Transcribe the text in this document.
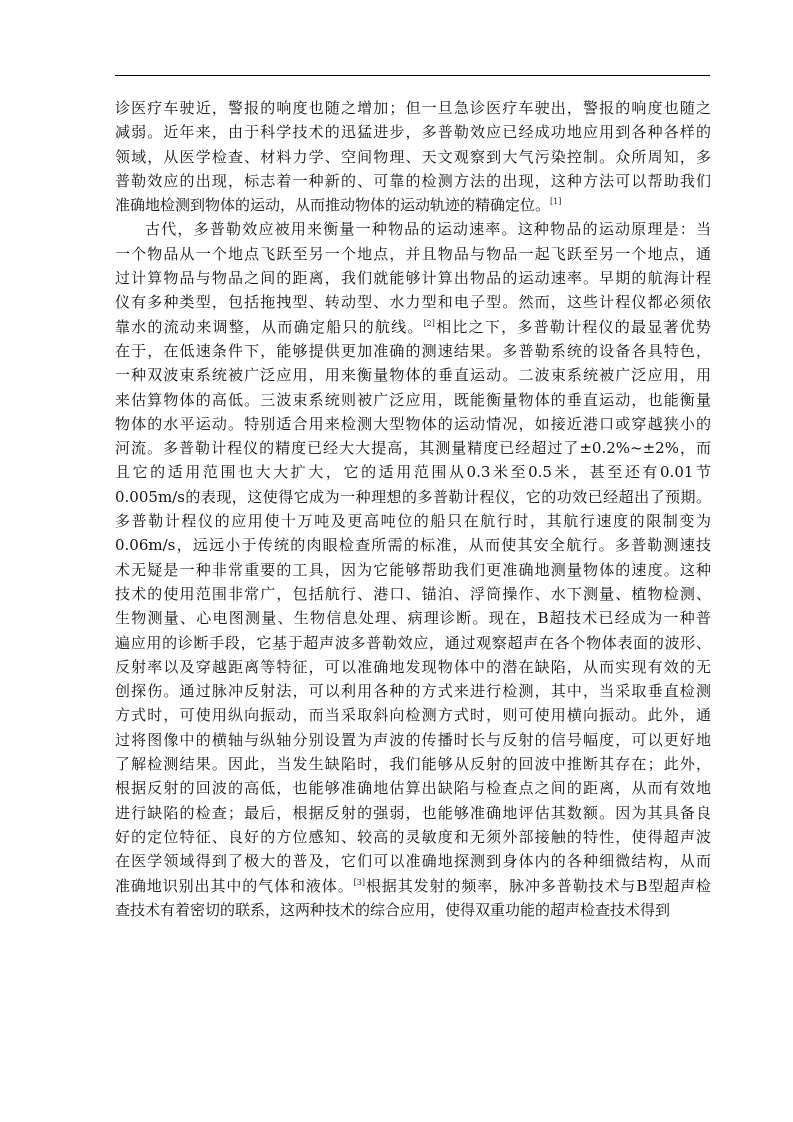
诊医疗车驶近，警报的响度也随之增加；但一旦急诊医疗车驶出，警报的响度也随之
减弱。近年来，由于科学技术的迅猛进步，多普勒效应已经成功地应用到各种各样的
领域，从医学检查、材料力学、空间物理、天文观察到大气污染控制。众所周知，多
普勒效应的出现，标志着一种新的、可靠的检测方法的出现，这种方法可以帮助我们
准确地检测到物体的运动，从而推动物体的运动轨迹的精确定位。[1]
古代，多普勒效应被用来衡量一种物品的运动速率。这种物品的运动原理是：当
一个物品从一个地点飞跃至另一个地点，并且物品与物品一起飞跃至另一个地点，通
过计算物品与物品之间的距离，我们就能够计算出物品的运动速率。早期的航海计程
仪有多种类型，包括拖拽型、转动型、水力型和电子型。然而，这些计程仪都必须依
靠水的流动来调整，从而确定船只的航线。[2]相比之下，多普勒计程仪的最显著优势
在于，在低速条件下，能够提供更加准确的测速结果。多普勒系统的设备各具特色，
一种双波束系统被广泛应用，用来衡量物体的垂直运动。二波束系统被广泛应用，用
来估算物体的高低。三波束系统则被广泛应用，既能衡量物体的垂直运动，也能衡量
物体的水平运动。特别适合用来检测大型物体的运动情况，如接近港口或穿越狭小的
河流。多普勒计程仪的精度已经大大提高，其测量精度已经超过了±0.2%~±2%，而
且它的适用范围也大大扩大，它的适用范围从0.3米至0.5米，甚至还有0.01节
0.005m/s的表现，这使得它成为一种理想的多普勒计程仪，它的功效已经超出了预期。
多普勒计程仪的应用使十万吨及更高吨位的船只在航行时，其航行速度的限制变为
0.06m/s，远远小于传统的肉眼检查所需的标准，从而使其安全航行。多普勒测速技
术无疑是一种非常重要的工具，因为它能够帮助我们更准确地测量物体的速度。这种
技术的使用范围非常广，包括航行、港口、锚泊、浮筒操作、水下测量、植物检测、
生物测量、心电图测量、生物信息处理、病理诊断。现在，B超技术已经成为一种普
遍应用的诊断手段，它基于超声波多普勒效应，通过观察超声在各个物体表面的波形、
反射率以及穿越距离等特征，可以准确地发现物体中的潜在缺陷，从而实现有效的无
创探伤。通过脉冲反射法，可以利用各种的方式来进行检测，其中，当采取垂直检测
方式时，可使用纵向振动，而当采取斜向检测方式时，则可使用横向振动。此外，通
过将图像中的横轴与纵轴分别设置为声波的传播时长与反射的信号幅度，可以更好地
了解检测结果。因此，当发生缺陷时，我们能够从反射的回波中推断其存在；此外，
根据反射的回波的高低，也能够准确地估算出缺陷与检查点之间的距离，从而有效地
进行缺陷的检查；最后，根据反射的强弱，也能够准确地评估其数额。因为其具备良
好的定位特征、良好的方位感知、较高的灵敏度和无须外部接触的特性，使得超声波
在医学领域得到了极大的普及，它们可以准确地探测到身体内的各种细微结构，从而
准确地识别出其中的气体和液体。[3]根据其发射的频率，脉冲多普勒技术与B型超声检
查技术有着密切的联系，这两种技术的综合应用，使得双重功能的超声检查技术得到
